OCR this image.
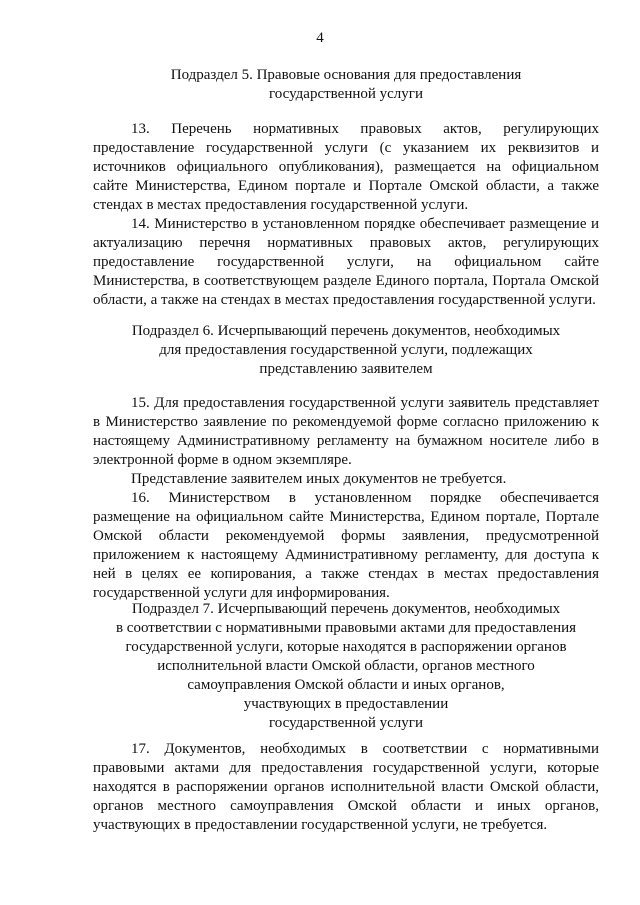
4

Подраздел 5. Правовые основания для предоставления
государственной услуги

13. Перечень нормативных правовых актов, регулирующих предоставление государственной услуги (с указанием их реквизитов и источников официального опубликования), размещается на официальном сайте Министерства, Едином портале и Портале Омской области, а также стендах в местах предоставления государственной услуги.

14. Министерство в установленном порядке обеспечивает размещение и актуализацию перечня нормативных правовых актов, регулирующих предоставление государственной услуги, на официальном сайте Министерства, в соответствующем разделе Единого портала, Портала Омской области, а также на стендах в местах предоставления государственной услуги.

Подраздел 6. Исчерпывающий перечень документов, необходимых
для предоставления государственной услуги, подлежащих
представлению заявителем

15. Для предоставления государственной услуги заявитель представляет в Министерство заявление по рекомендуемой форме согласно приложению к настоящему Административному регламенту на бумажном носителе либо в электронной форме в одном экземпляре.

Представление заявителем иных документов не требуется.

16. Министерством в установленном порядке обеспечивается размещение на официальном сайте Министерства, Едином портале, Портале Омской области рекомендуемой формы заявления, предусмотренной приложением к настоящему Административному регламенту, для доступа к ней в целях ее копирования, а также стендах в местах предоставления государственной услуги для информирования.

Подраздел 7. Исчерпывающий перечень документов, необходимых
в соответствии с нормативными правовыми актами для предоставления
государственной услуги, которые находятся в распоряжении органов
исполнительной власти Омской области, органов местного
самоуправления Омской области и иных органов,
участвующих в предоставлении
государственной услуги

17. Документов, необходимых в соответствии с нормативными правовыми актами для предоставления государственной услуги, которые находятся в распоряжении органов исполнительной власти Омской области, органов местного самоуправления Омской области и иных органов, участвующих в предоставлении государственной услуги, не требуется.
